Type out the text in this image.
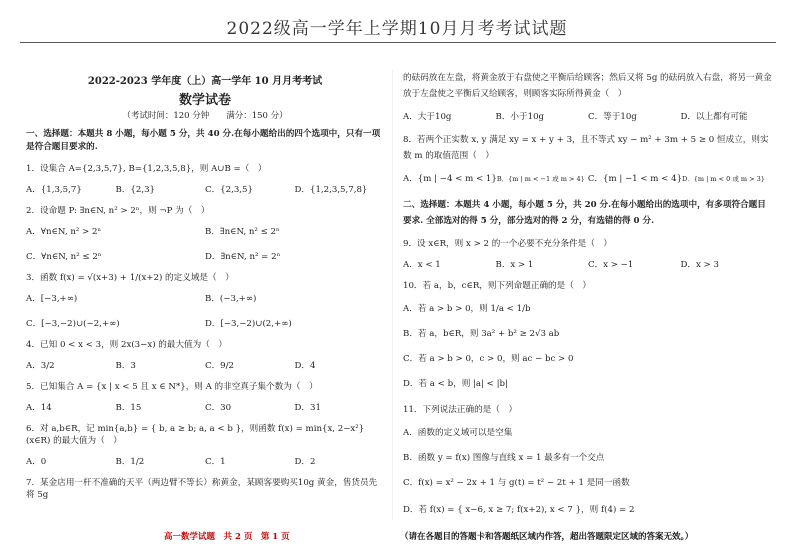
2022级高一学年上学期10月月考考试试题
2022-2023 学年度（上）高一学年 10 月月考考试
数学试卷
（考试时间：120 分钟　　满分：150 分）
一、选择题：本题共 8 小题，每小题 5 分，共 40 分.在每小题给出的四个选项中，只有一项是符合题目要求的.
1．设集合 A={2,3,5,7}, B={1,2,3,5,8}，则 A∪B =（　）
A．{1,3,5,7}	B．{2,3}	C．{2,3,5}	D．{1,2,3,5,7,8}
2．设命题 P: ∃n∈N, n² > 2ⁿ，则 ¬P 为（　）
A．∀n∈N, n² > 2ⁿ	B．∃n∈N, n² ≤ 2ⁿ
C．∀n∈N, n² ≤ 2ⁿ	D．∃n∈N, n² = 2ⁿ
3．函数 f(x) = √(x+3) + 1/(x+2) 的定义域是（　）
A．[−3,+∞)	B．(−3,+∞)
C．[−3,−2)∪(−2,+∞)	D．[−3,−2)∪(2,+∞)
4．已知 0 < x < 3，则 2x(3−x) 的最大值为（　）
A．3/2	B．3	C．9/2	D．4
5．已知集合 A = {x | x < 5 且 x ∈ N*}，则 A 的非空真子集个数为（　）
A．14	B．15	C．30	D．31
6．对 a,b∈R，记 min{a,b} = { b, a ≥ b; a, a < b }，则函数 f(x) = min{x, 2−x²} (x∈R) 的最大值为（　）
A．0	B．1/2	C．1	D．2
7．某金店用一杆不准确的天平（两边臂不等长）称黄金，某顾客要购买10g 黄金，售货员先将 5g
的砝码放在左盘，将黄金放于右盘使之平衡后给顾客；然后又将 5g 的砝码放入右盘，将另一黄金放于左盘使之平衡后又给顾客，则顾客实际所得黄金（　）
A．大于10g	B．小于10g	C．等于10g	D．以上都有可能
8．若两个正实数 x, y 满足 xy = x + y + 3，且不等式 xy − m² + 3m + 5 ≥ 0 恒成立，则实数 m 的取值范围（　）
A．{m | −4 < m < 1} B．{m | m < −1 或 m > 4} C．{m | −1 < m < 4} D．{m | m < 0 或 m > 3}
二、选择题：本题共 4 小题，每小题 5 分，共 20 分.在每小题给出的选项中，有多项符合题目要求. 全部选对的得 5 分，部分选对的得 2 分，有选错的得 0 分.
9．设 x∈R，则 x > 2 的一个必要不充分条件是（　）
A．x < 1	B．x > 1	C．x > −1	D．x > 3
10．若 a，b，c∈R，则下列命题正确的是（　）
A．若 a > b > 0，则 1/a < 1/b
B．若 a，b∈R，则 3a² + b² ≥ 2√3 ab
C．若 a > b > 0，c > 0，则 ac − bc > 0
D．若 a < b，则 |a| < |b|
11．下列说法正确的是（　）
A．函数的定义域可以是空集
B．函数 y = f(x) 图像与直线 x = 1 最多有一个交点
C．f(x) = x² − 2x + 1 与 g(t) = t² − 2t + 1 是同一函数
D．若 f(x) = { x−6, x ≥ 7; f(x+2), x < 7 }，则 f(4) = 2
高一数学试题　共 2 页　第 1 页	（请在各题目的答题卡和答题纸区域内作答，超出答题限定区域的答案无效。）
